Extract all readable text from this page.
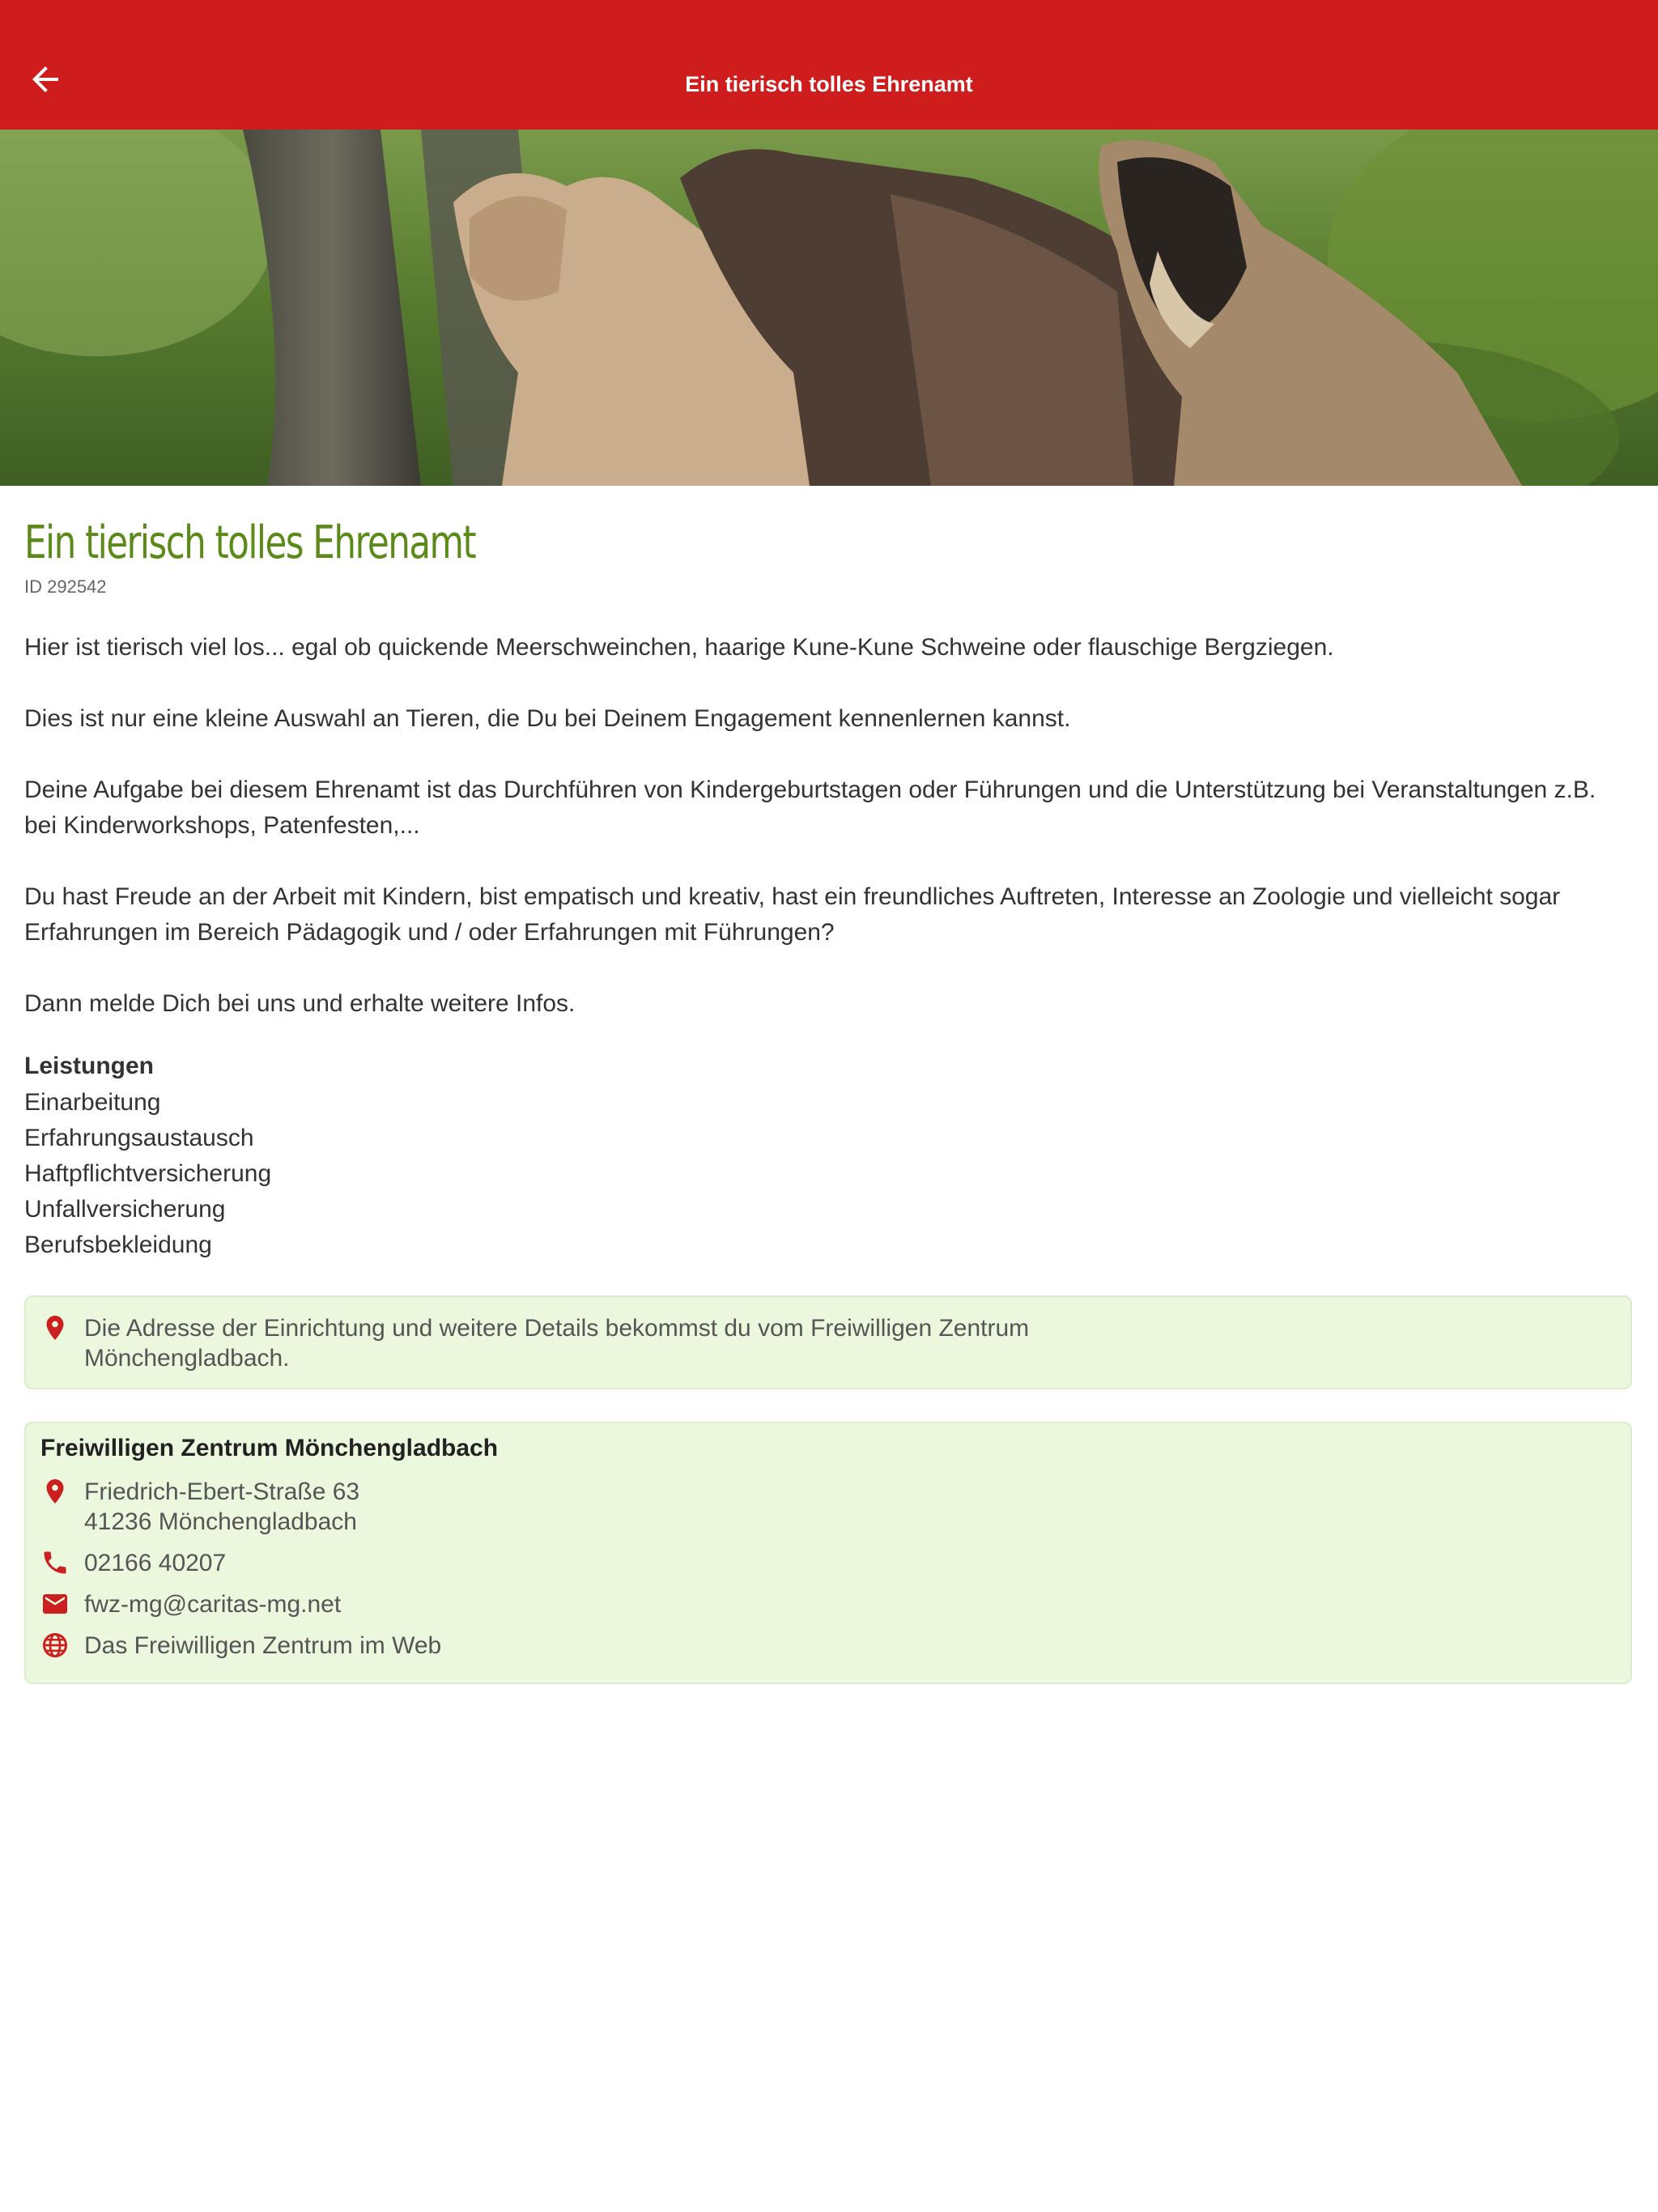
Ein tierisch tolles Ehrenamt
Ein tierisch tolles Ehrenamt
ID 292542

Hier ist tierisch viel los... egal ob quickende Meerschweinchen, haarige Kune-Kune Schweine oder flauschige Bergziegen.

Dies ist nur eine kleine Auswahl an Tieren, die Du bei Deinem Engagement kennenlernen kannst.

Deine Aufgabe bei diesem Ehrenamt ist das Durchführen von Kindergeburtstagen oder Führungen und die Unterstützung bei Veranstaltungen z.B. bei Kinderworkshops, Patenfesten,...

Du hast Freude an der Arbeit mit Kindern, bist empatisch und kreativ, hast ein freundliches Auftreten, Interesse an Zoologie und vielleicht sogar Erfahrungen im Bereich Pädagogik und / oder Erfahrungen mit Führungen?

Dann melde Dich bei uns und erhalte weitere Infos.

Leistungen
Einarbeitung
Erfahrungsaustausch
Haftpflichtversicherung
Unfallversicherung
Berufsbekleidung
Die Adresse der Einrichtung und weitere Details bekommst du vom Freiwilligen Zentrum Mönchengladbach.
Freiwilligen Zentrum Mönchengladbach
Friedrich-Ebert-Straße 63
41236 Mönchengladbach
02166 40207
fwz-mg@caritas-mg.net
Das Freiwilligen Zentrum im Web
